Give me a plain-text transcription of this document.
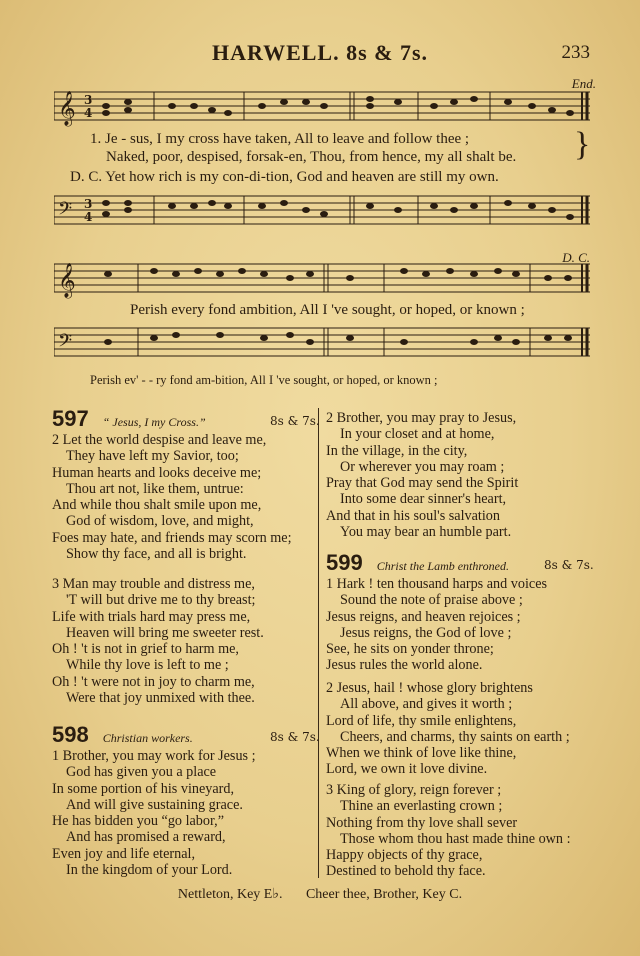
HARWELL. 8s & 7s.	233
End.
D. C.
𝄞 3
4
1. Je - sus, I my cross have taken, All to leave and follow thee ;
Naked, poor, despised, forsak-en, Thou, from hence, my all shalt be. }
D. C. Yet how rich is my con-di-tion, God and heaven are still my own.
𝄢 3
4
𝄞
Perish every fond ambition, All I 've sought, or hoped, or known ;
𝄢
Perish ev' - - ry fond am-bition, All I 've sought, or hoped, or known ;
597 “ Jesus, I my Cross.”	8s & 7s.
2 Let the world despise and leave me,
They have left my Savior, too;
Human hearts and looks deceive me;
Thou art not, like them, untrue:
And while thou shalt smile upon me,
God of wisdom, love, and might,
Foes may hate, and friends may scorn me;
Show thy face, and all is bright.
3 Man may trouble and distress me,
'T will but drive me to thy breast;
Life with trials hard may press me,
Heaven will bring me sweeter rest.
Oh ! 't is not in grief to harm me,
While thy love is left to me ;
Oh ! 't were not in joy to charm me,
Were that joy unmixed with thee.
598 Christian workers.	8s & 7s.
1 Brother, you may work for Jesus ;
God has given you a place
In some portion of his vineyard,
And will give sustaining grace.
He has bidden you “go labor,”
And has promised a reward,
Even joy and life eternal,
In the kingdom of your Lord.
2 Brother, you may pray to Jesus,
In your closet and at home,
In the village, in the city,
Or wherever you may roam ;
Pray that God may send the Spirit
Into some dear sinner's heart,
And that in his soul's salvation
You may bear an humble part.
599 Christ the Lamb enthroned.	8s & 7s.
1 Hark ! ten thousand harps and voices
Sound the note of praise above ;
Jesus reigns, and heaven rejoices ;
Jesus reigns, the God of love ;
See, he sits on yonder throne;
Jesus rules the world alone.
2 Jesus, hail ! whose glory brightens
All above, and gives it worth ;
Lord of life, thy smile enlightens,
Cheers, and charms, thy saints on earth ;
When we think of love like thine,
Lord, we own it love divine.
3 King of glory, reign forever ;
Thine an everlasting crown ;
Nothing from thy love shall sever
Those whom thou hast made thine own :
Happy objects of thy grace,
Destined to behold thy face.
Nettleton, Key E♭. Cheer thee, Brother, Key C.
